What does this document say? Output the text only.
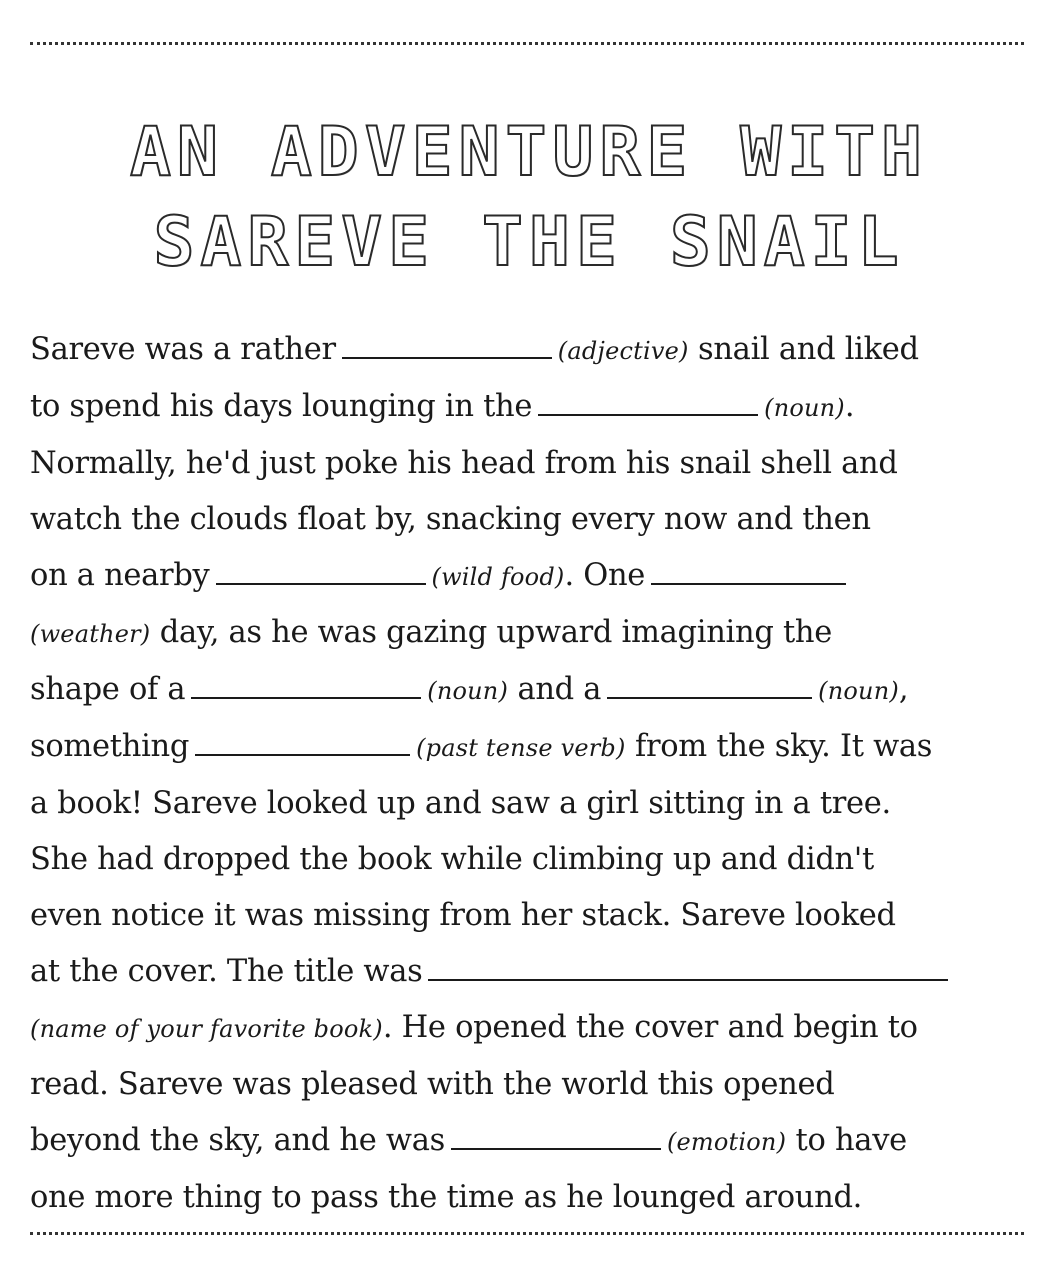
AN ADVENTURE WITH
SAREVE THE SNAIL
Sareve was a rather	(adjective) snail and liked
to spend his days lounging in the	(noun).
Normally, he'd just poke his head from his snail shell and
watch the clouds float by, snacking every now and then
on a nearby	(wild food). One
(weather) day, as he was gazing upward imagining the
shape of a	(noun) and a	(noun),
something	(past tense verb) from the sky. It was
a book! Sareve looked up and saw a girl sitting in a tree.
She had dropped the book while climbing up and didn't
even notice it was missing from her stack. Sareve looked
at the cover. The title was
(name of your favorite book). He opened the cover and begin to
read. Sareve was pleased with the world this opened
beyond the sky, and he was	(emotion) to have
one more thing to pass the time as he lounged around.
